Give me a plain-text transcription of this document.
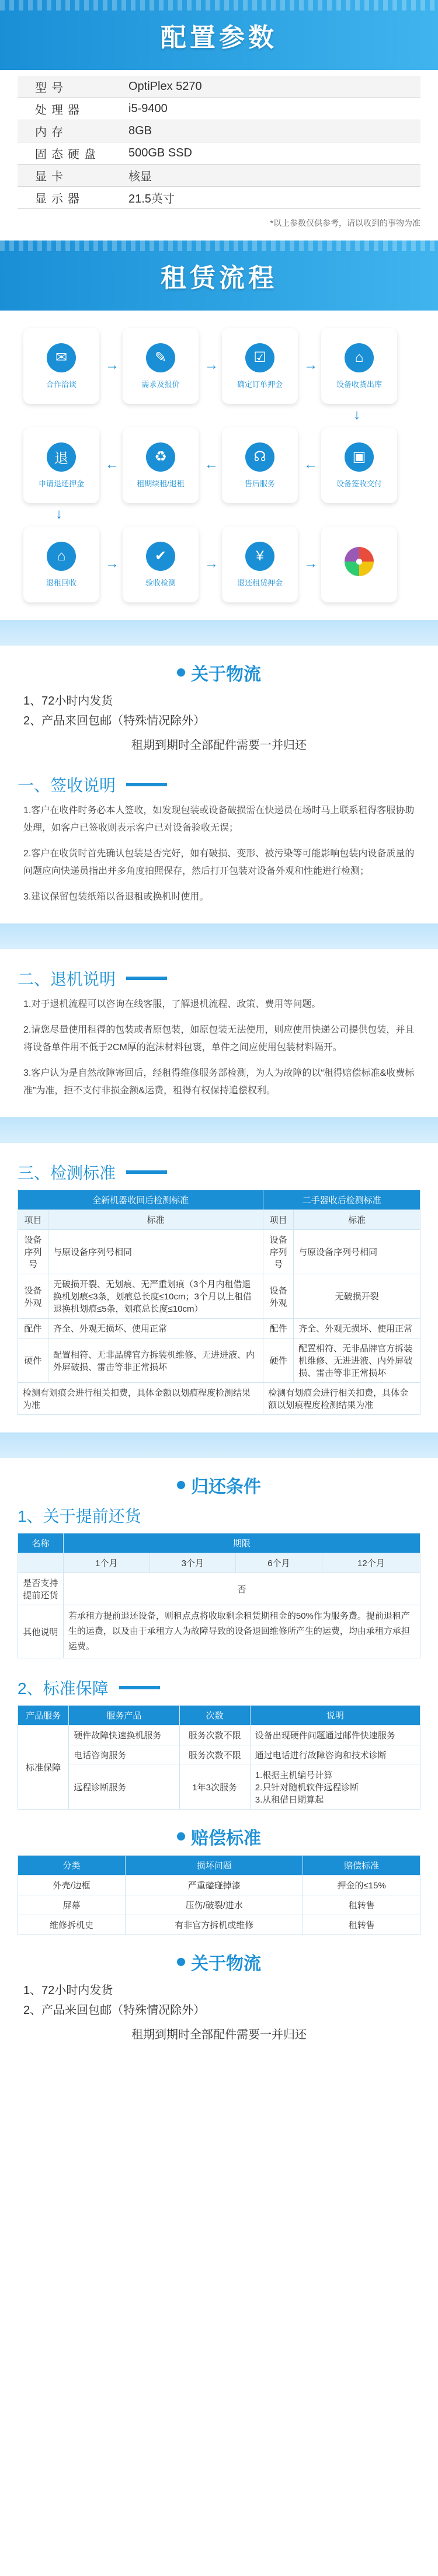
配置参数
型号	OptiPlex 5270
处理器	i5-9400
内存	8GB
固态硬盘	500GB SSD
显卡	核显
显示器	21.5英寸
*以上参数仅供参考，请以收到的事物为准
租赁流程
✉
合作洽谈
→	✎
需求及报价
→	☑
确定订单押金
→	⌂
设备收货出库
↓
退
申请退还押金
←	♻
租期续租/退租
←	☊
售后服务
←	▣
设备签收交付
↓
⌂
退租回收
→	✔
验收检测
→	¥
退还租赁押金
→	●
关于物流
1、72小时内发货
2、产品来回包邮（特殊情况除外）
租期到期时全部配件需要一并归还
一、签收说明

1.客户在收件时务必本人签收，如发现包装或设备破损需在快递员在场时马上联系租得客服协助处理，如客户已签收则表示客户已对设备验收无误；

2.客户在收货时首先确认包装是否完好，如有破损、变形、被污染等可能影响包装内设备质量的问题应向快递员指出并多角度拍照保存，然后打开包装对设备外观和性能进行检测；

3.建议保留包装纸箱以备退租或换机时使用。

二、退机说明

1.对于退机流程可以咨询在线客服，了解退机流程、政策、费用等问题。

2.请您尽量使用租得的包装或者原包装，如原包装无法使用，则应使用快递公司提供包装，并且将设备单件用不低于2CM厚的泡沫材料包裹，单件之间应使用包装材料隔开。

3.客户认为是自然故障寄回后，经租得维修服务部检测，为人为故障的以“租得赔偿标准&收费标准”为准，拒不支付非损金额&运费，租得有权保持追偿权利。

三、检测标准
全新机器收回后检测标准		二手器收后检测标准	
项目	标准	项目	标准
设备序列号	与原设备序列号相同	设备序列号	与原设备序列号相同
设备外观	无破损开裂、无划痕、无严重划痕（3个月内租借退换机划痕≤3条，划痕总长度≤10cm；3个月以上租借退换机划痕≤5条，划痕总长度≤10cm）	设备外观	无破损开裂
配件	齐全、外观无损坏、使用正常	配件	齐全、外观无损坏、使用正常
硬件	配置相符、无非品牌官方拆装机维修、无进进液、内外屏破损、雷击等非正常损坏	硬件	配置相符、无非品牌官方拆装机维修、无进进液、内外屏破损、雷击等非正常损坏
检测有划痕会进行相关扣费，具体金额以划痕程度检测结果为准		检测有划痕会进行相关扣费，具体金额以划痕程度检测结果为准	
归还条件
1、关于提前还货
名称	期限			
	1个月	3个月	6个月	12个月
是否支持提前还货	否			
其他说明	若承租方提前退还设备，则租点点将收取剩余租赁期租金的50%作为服务费。提前退租产生的运费，以及由于承租方人为故障导致的设备退回维修所产生的运费，均由承租方承担运费。			
2、标准保障
产品服务	服务产品	次数	说明
标准保障	硬件故障快速换机服务	服务次数不限	设备出现硬件问题通过邮件快速服务
	电话咨询服务	服务次数不限	通过电话进行故障咨询和技术诊断
	远程诊断服务	1年3次服务	1.根据主机编号计算
2.只针对随机软件远程诊断
3.从租借日期算起
赔偿标准
分类	损坏问题	赔偿标准
外壳/边框	严重磕碰掉漆	押金的≤15%
屏幕	压伤/破裂/进水	租转售
维修拆机史	有非官方拆机或维修	租转售
关于物流
1、72小时内发货
2、产品来回包邮（特殊情况除外）
租期到期时全部配件需要一并归还
